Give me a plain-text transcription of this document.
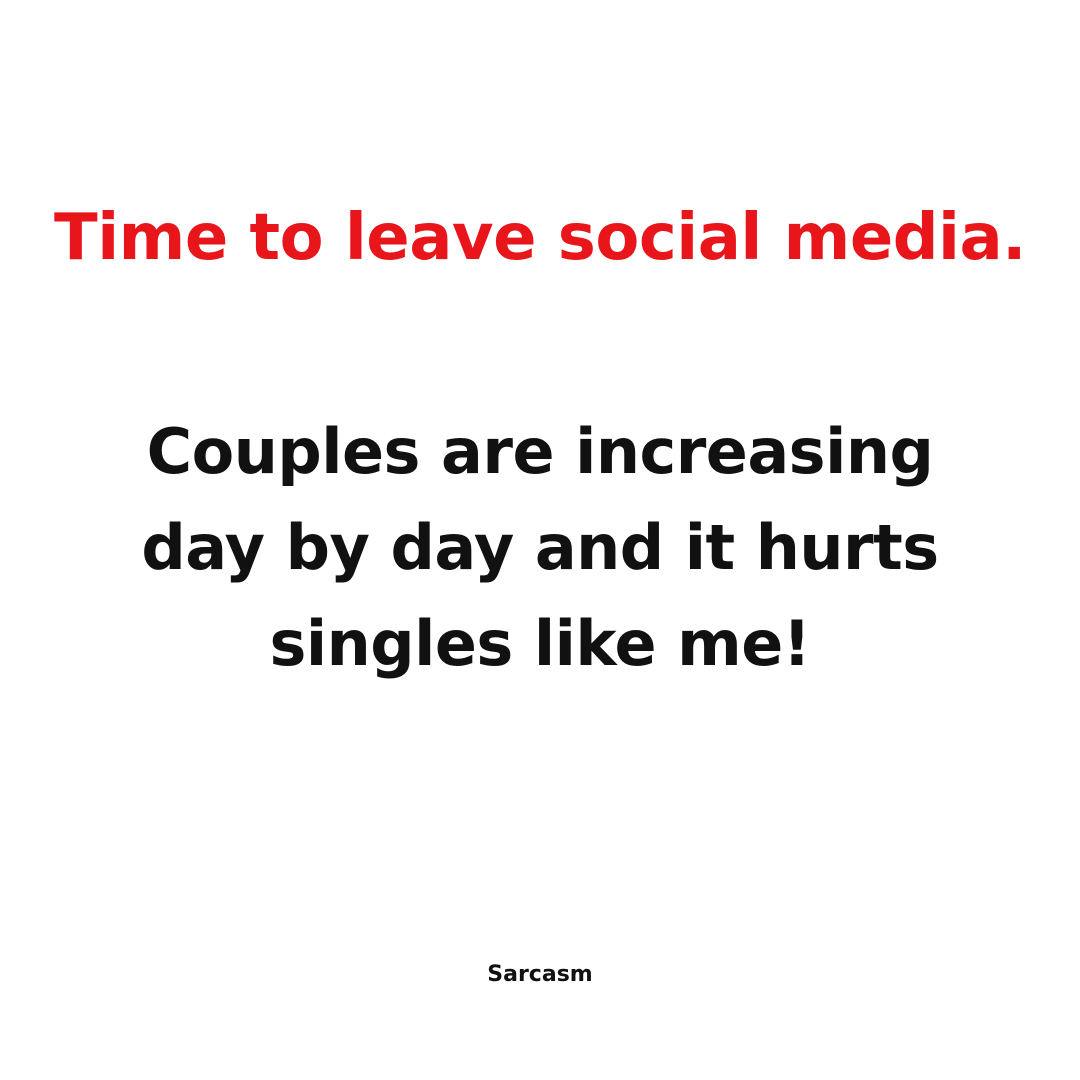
Time to leave social media.
Couples are increasing
day by day and it hurts
singles like me!
Sarcasm
